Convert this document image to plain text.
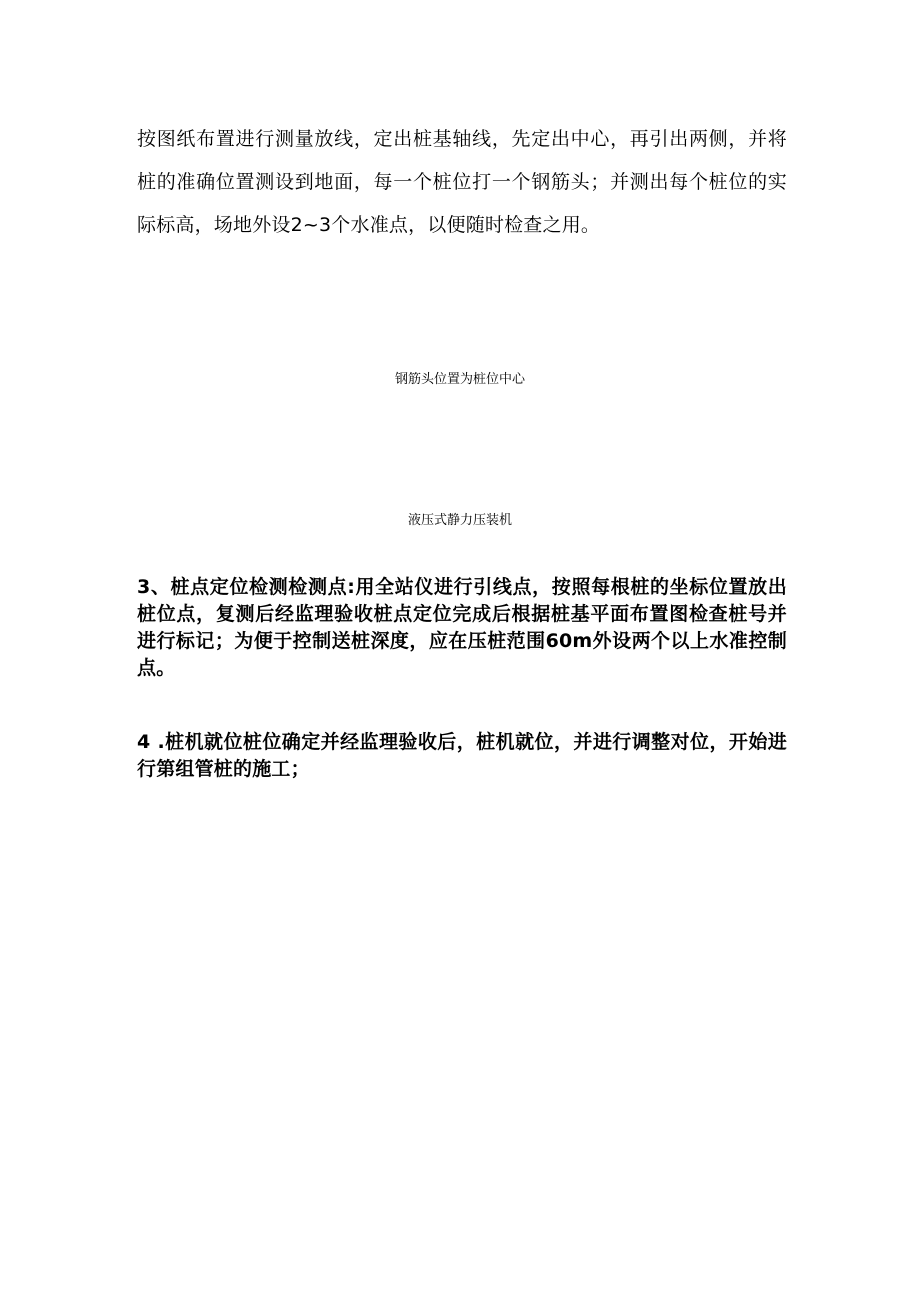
按图纸布置进行测量放线，定出桩基轴线，先定出中心，再引出两侧，并将桩的准确位置测设到地面，每一个桩位打一个钢筋头；并测出每个桩位的实际标高，场地外设2~3个水准点，以便随时检查之用。

钢筋头位置为桩位中心

液压式静力压装机

3、桩点定位检测检测点:用全站仪进行引线点，按照每根桩的坐标位置放出桩位点，复测后经监理验收桩点定位完成后根据桩基平面布置图检查桩号并进行标记；为便于控制送桩深度，应在压桩范围60m外设两个以上水准控制点。

4 .桩机就位桩位确定并经监理验收后，桩机就位，并进行调整对位，开始进行第组管桩的施工；
